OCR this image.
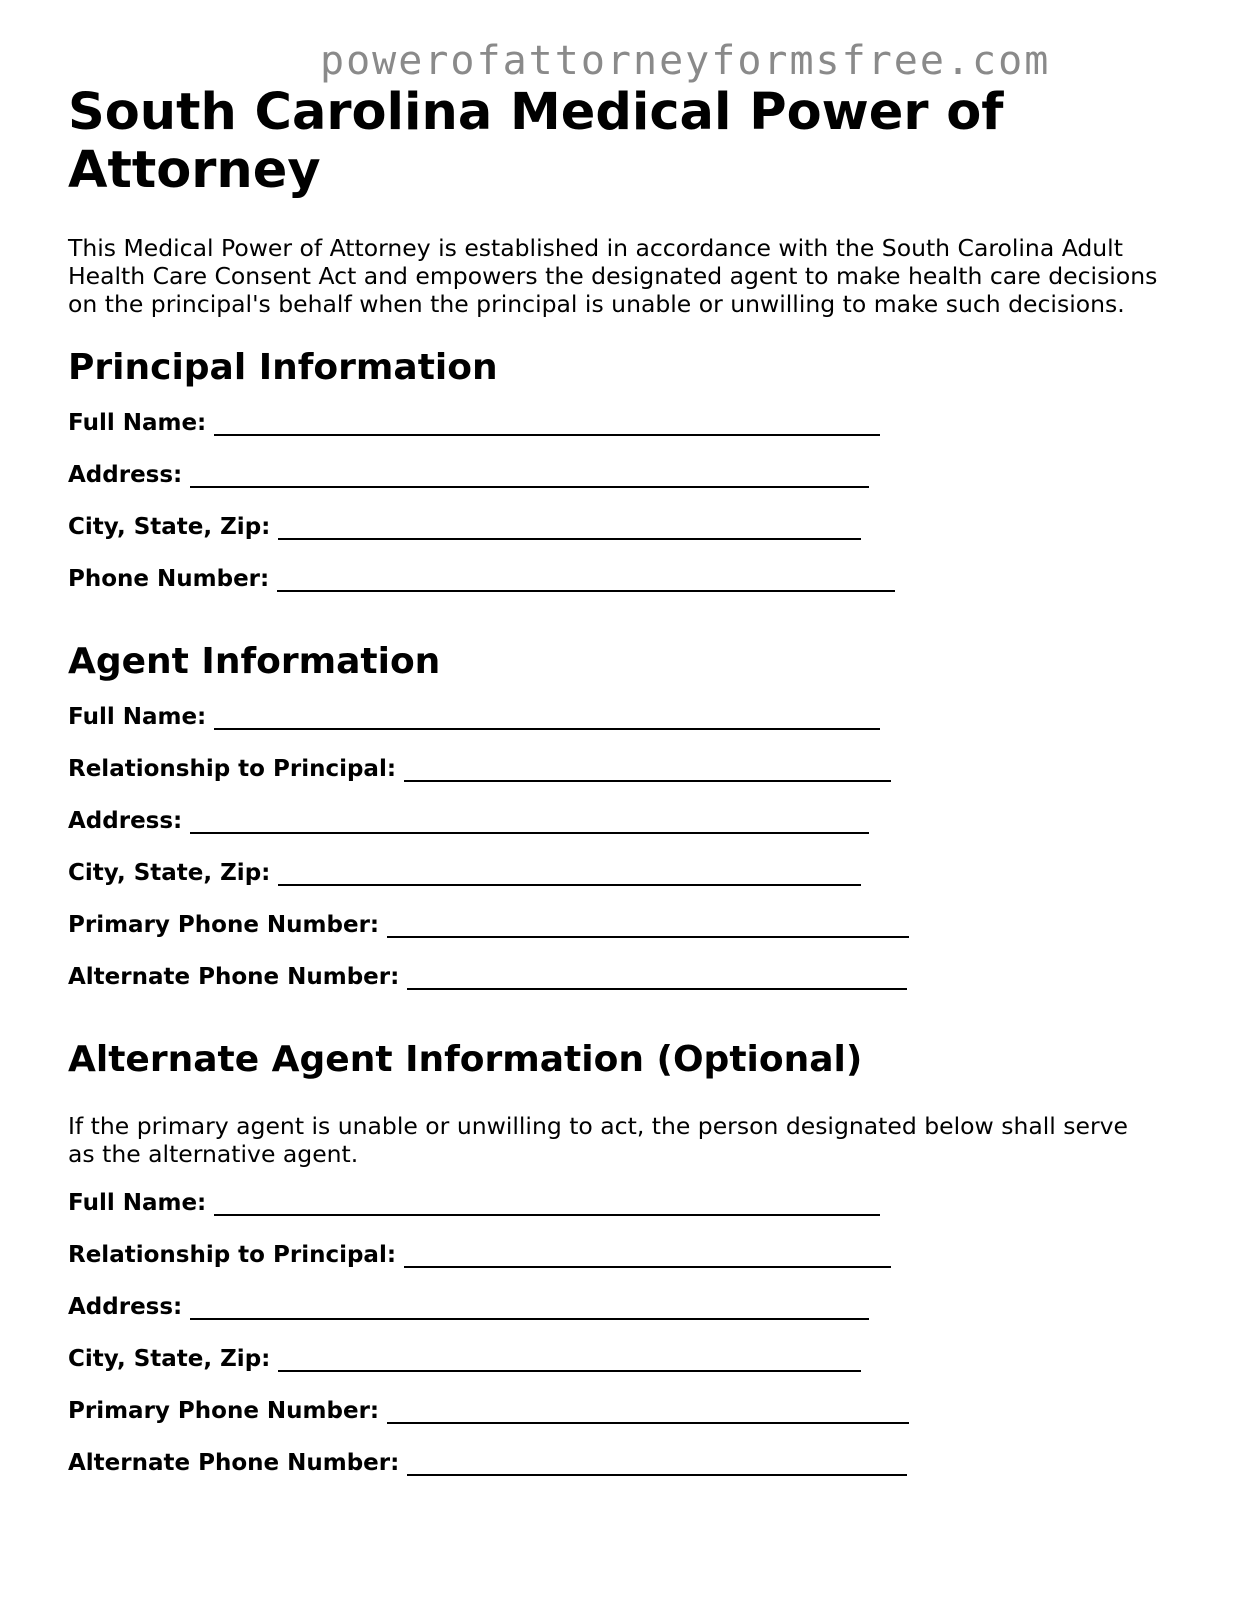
powerofattorneyformsfree.com
South Carolina Medical Power of Attorney

This Medical Power of Attorney is established in accordance with the South Carolina Adult Health Care Consent Act and empowers the designated agent to make health care decisions on the principal's behalf when the principal is unable or unwilling to make such decisions.

Principal Information
Full Name:
Address:
City, State, Zip:
Phone Number:
Agent Information
Full Name:
Relationship to Principal:
Address:
City, State, Zip:
Primary Phone Number:
Alternate Phone Number:
Alternate Agent Information (Optional)

If the primary agent is unable or unwilling to act, the person designated below shall serve as the alternative agent.

Full Name:
Relationship to Principal:
Address:
City, State, Zip:
Primary Phone Number:
Alternate Phone Number:
